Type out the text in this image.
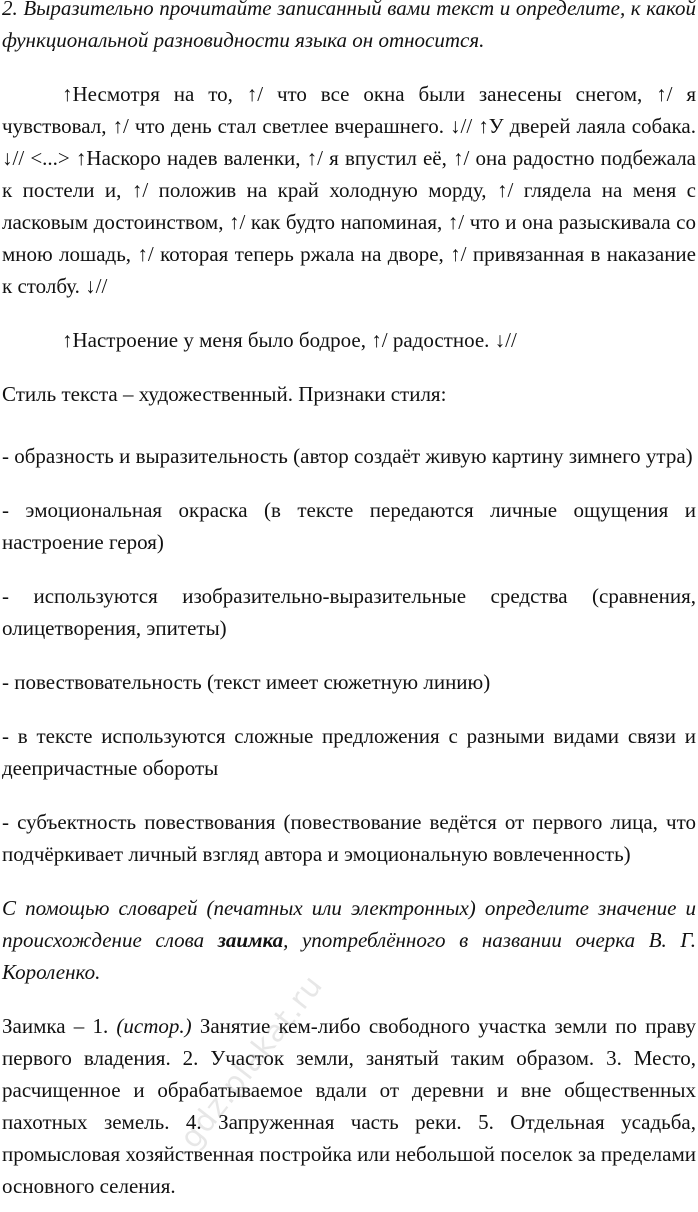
2. Выразительно прочитайте записанный вами текст и определите, к какой функциональной разновидности языка он относится.

↑Несмотря на то, ↑/ что все окна были занесены снегом, ↑/ я чувствовал, ↑/ что день стал светлее вчерашнего. ↓// ↑У дверей лаяла собака. ↓// <...> ↑Наскоро надев валенки, ↑/ я впустил её, ↑/ она радостно подбежала к постели и, ↑/ положив на край холодную морду, ↑/ глядела на меня с ласковым достоинством, ↑/ как будто напоминая, ↑/ что и она разыскивала со мною лошадь, ↑/ которая теперь ржала на дворе, ↑/ привязанная в наказание к столбу. ↓//

↑Настроение у меня было бодрое, ↑/ радостное. ↓//

Стиль текста – художественный. Признаки стиля:

- образность и выразительность (автор создаёт живую картину зимнего утра)

- эмоциональная окраска (в тексте передаются личные ощущения и настроение героя)

- используются изобразительно-выразительные средства (сравнения, олицетворения, эпитеты)

- повествовательность (текст имеет сюжетную линию)

- в тексте используются сложные предложения с разными видами связи и деепричастные обороты

- субъектность повествования (повествование ведётся от первого лица, что подчёркивает личный взгляд автора и эмоциональную вовлеченность)

С помощью словарей (печатных или электронных) определите значение и происхождение слова заимка, употреблённого в названии очерка В. Г. Короленко.

Заимка – 1. (истор.) Занятие кем-либо свободного участка земли по праву первого владения. 2. Участок земли, занятый таким образом. 3. Место, расчищенное и обрабатываемое вдали от деревни и вне общественных пахотных земель. 4. Запруженная часть реки. 5. Отдельная усадьба, промысловая хозяйственная постройка или небольшой поселок за пределами основного селения.

gdz.plakat.ru
